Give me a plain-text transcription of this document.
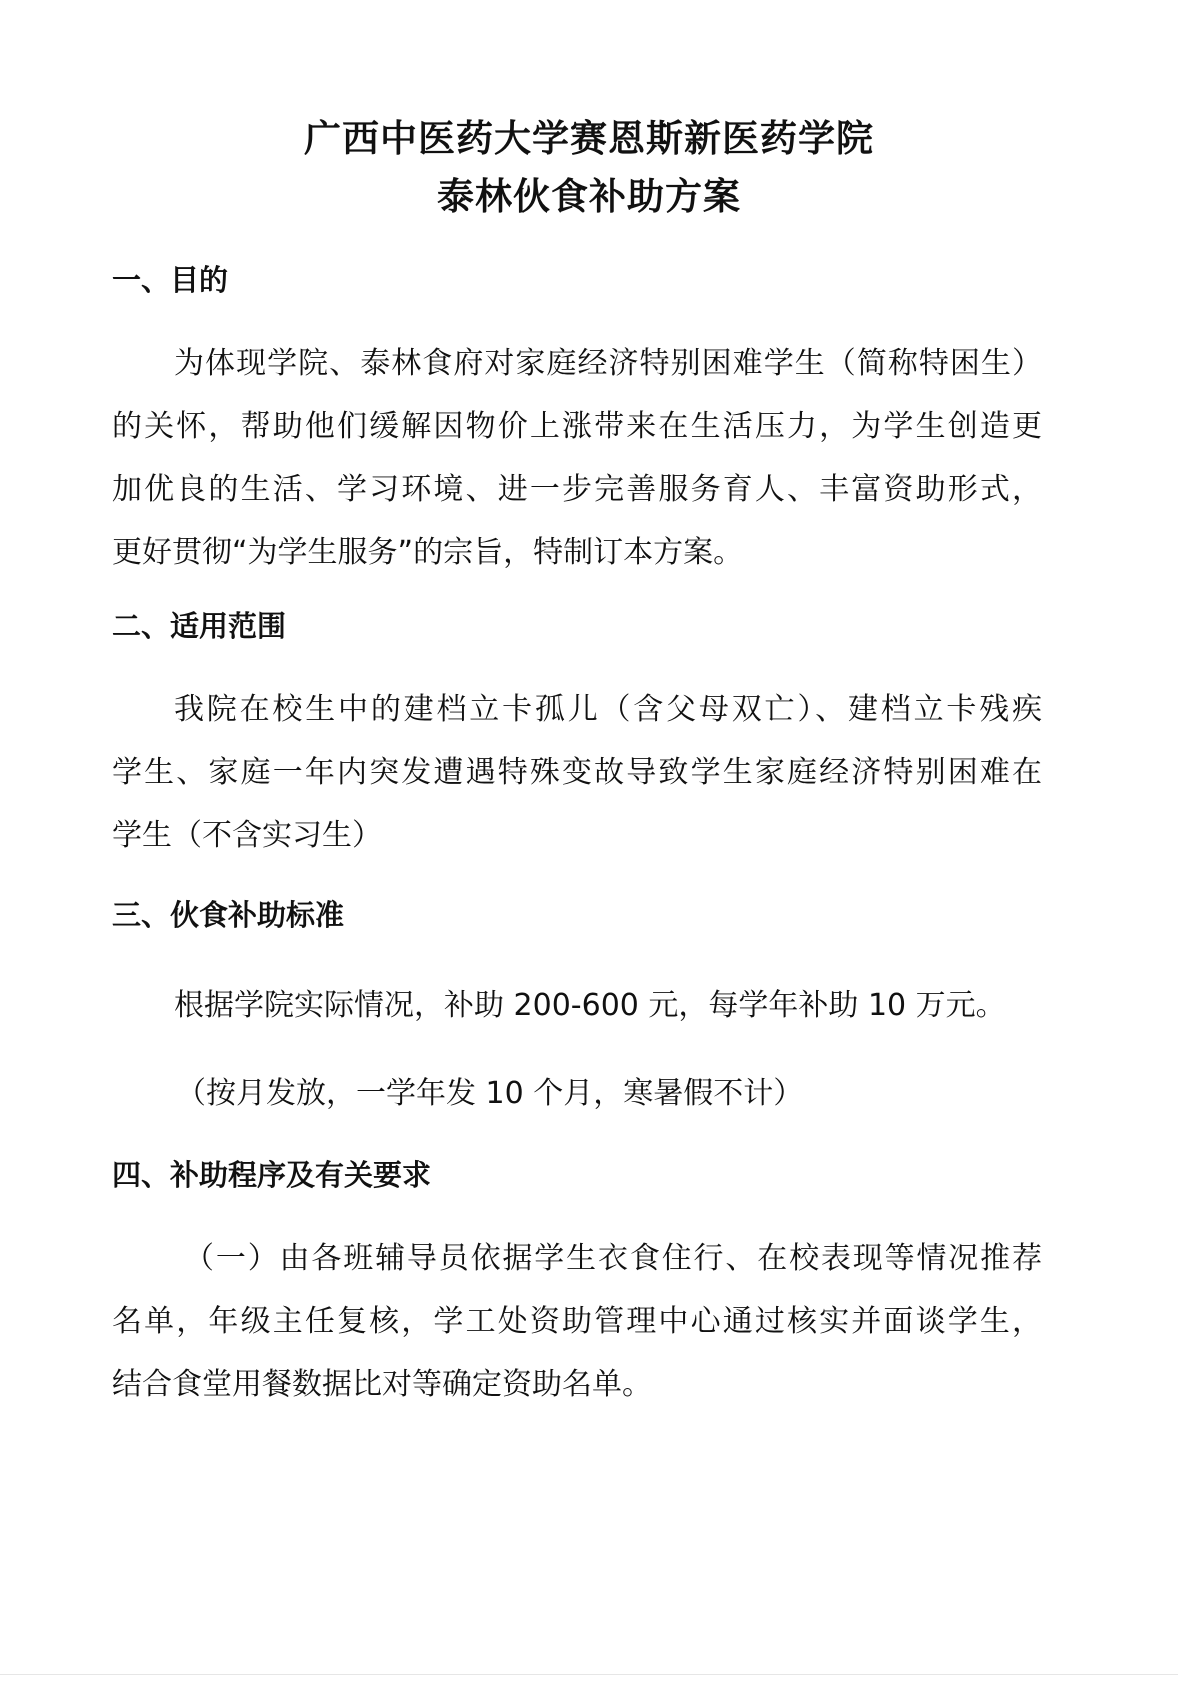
广西中医药大学赛恩斯新医药学院
泰林伙食补助方案
一、目的
为体现学院、泰林食府对家庭经济特别困难学生（简称特困生）
的关怀，帮助他们缓解因物价上涨带来在生活压力，为学生创造更
加优良的生活、学习环境、进一步完善服务育人、丰富资助形式，
更好贯彻“为学生服务”的宗旨，特制订本方案。
二、适用范围
我院在校生中的建档立卡孤儿（含父母双亡）、建档立卡残疾
学生、家庭一年内突发遭遇特殊变故导致学生家庭经济特别困难在
学生（不含实习生）
三、伙食补助标准
根据学院实际情况，补助 200-600 元，每学年补助 10 万元。
（按月发放，一学年发 10 个月，寒暑假不计）
四、补助程序及有关要求
（一）由各班辅导员依据学生衣食住行、在校表现等情况推荐
名单，年级主任复核，学工处资助管理中心通过核实并面谈学生，
结合食堂用餐数据比对等确定资助名单。
